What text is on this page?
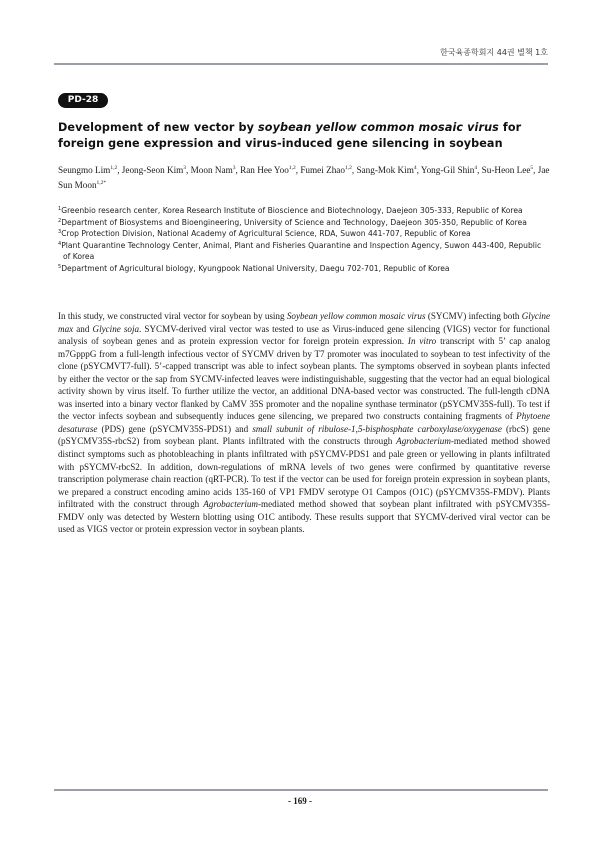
한국육종학회지 44권 별책 1호
PD-28
Development of new vector by soybean yellow common mosaic virus for foreign gene expression and virus-induced gene silencing in soybean
Seungmo Lim$^{1,2}$, Jeong-Seon Kim$^3$, Moon Nam$^3$, Ran Hee Yoo$^{1,2}$, Fumei Zhao$^{1,2}$, Sang-Mok Kim$^4$, Yong-Gil Shin$^4$, Su-Heon Lee$^5$, Jae Sun Moon$^{1,2*}$
$^1$Greenbio research center, Korea Research Institute of Bioscience and Biotechnology, Daejeon 305-333, Republic of Korea
$^2$Department of Biosystems and Bioengineering, University of Science and Technology, Daejeon 305-350, Republic of Korea
$^3$Crop Protection Division, National Academy of Agricultural Science, RDA, Suwon 441-707, Republic of Korea
$^4$Plant Quarantine Technology Center, Animal, Plant and Fisheries Quarantine and Inspection Agency, Suwon 443-400, Republic of Korea
$^5$Department of Agricultural biology, Kyungpook National University, Daegu 702-701, Republic of Korea
In this study, we constructed viral vector for soybean by using Soybean yellow common mosaic virus (SYCMV) infecting both Glycine max and Glycine soja. SYCMV-derived viral vector was tested to use as Virus-induced gene silencing (VIGS) vector for functional analysis of soybean genes and as protein expression vector for foreign protein expression. In vitro transcript with 5’ cap analog m7GpppG from a full-length infectious vector of SYCMV driven by T7 promoter was inoculated to soybean to test infectivity of the clone (pSYCMVT7-full). 5’-capped transcript was able to infect soybean plants. The symptoms observed in soybean plants infected by either the vector or the sap from SYCMV-infected leaves were indistinguishable, suggesting that the vector had an equal biological activity shown by virus itself. To further utilize the vector, an additional DNA-based vector was constructed. The full-length cDNA was inserted into a binary vector flanked by CaMV 35S promoter and the nopaline synthase terminator (pSYCMV35S-full). To test if the vector infects soybean and subsequently induces gene silencing, we prepared two constructs containing fragments of Phytoene desaturase (PDS) gene (pSYCMV35S-PDS1) and small subunit of ribulose-1,5-bisphosphate carboxylase/oxygenase (rbcS) gene (pSYCMV35S-rbcS2) from soybean plant. Plants infiltrated with the constructs through Agrobacterium-mediated method showed distinct symptoms such as photobleaching in plants infiltrated with pSYCMV-PDS1 and pale green or yellowing in plants infiltrated with pSYCMV-rbcS2. In addition, down-regulations of mRNA levels of two genes were confirmed by quantitative reverse transcription polymerase chain reaction (qRT-PCR). To test if the vector can be used for foreign protein expression in soybean plants, we prepared a construct encoding amino acids 135-160 of VP1 FMDV serotype O1 Campos (O1C) (pSYCMV35S-FMDV). Plants infiltrated with the construct through Agrobacterium-mediated method showed that soybean plant infiltrated with pSYCMV35S-FMDV only was detected by Western blotting using O1C antibody. These results support that SYCMV-derived viral vector can be used as VIGS vector or protein expression vector in soybean plants.
- 169 -
